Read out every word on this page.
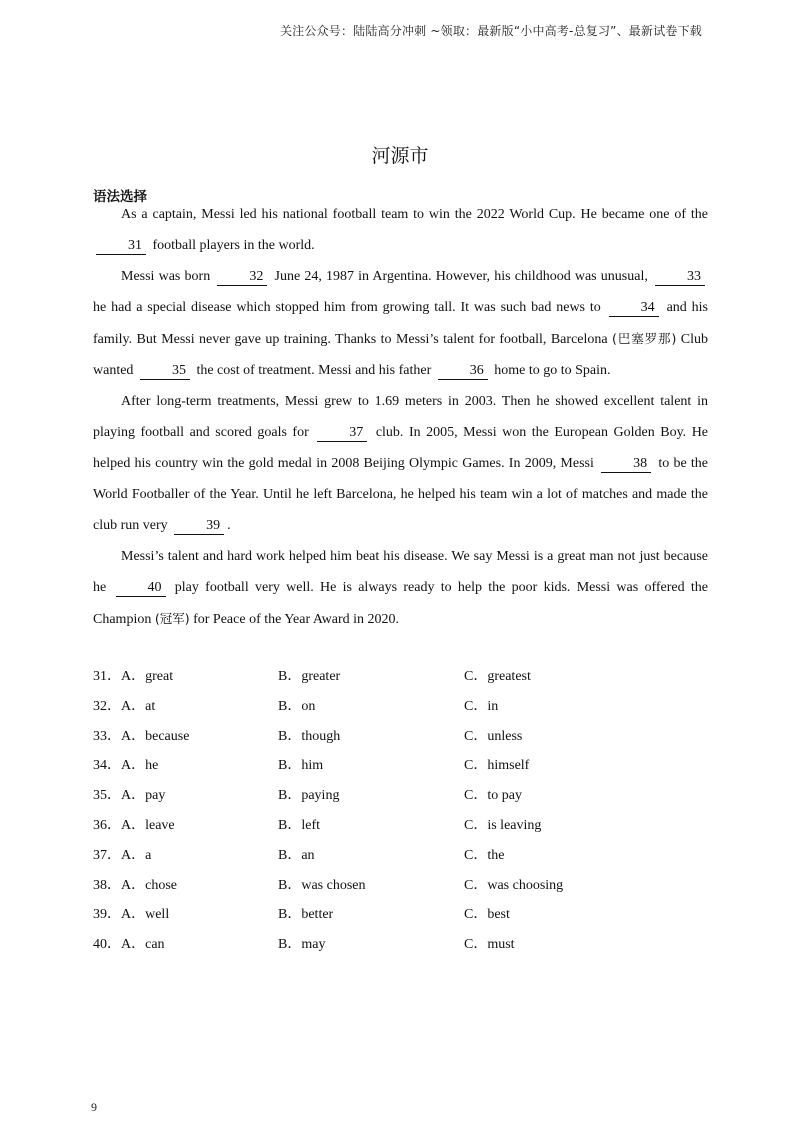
关注公众号：陆陆高分冲刺 ~领取：最新版“小中高考-总复习”、最新试卷下载
河源市
语法选择

As a captain, Messi led his national football team to win the 2022 World Cup. He became one of the 31 football players in the world.

Messi was born	32 June 24, 1987 in Argentina. However, his childhood was unusual,	33 he had a special disease which stopped him from growing tall. It was such bad news to	34 and his family. But Messi never gave up training. Thanks to Messi’s talent for football, Barcelona (巴塞罗那) Club wanted	35 the cost of treatment. Messi and his father	36 home to go to Spain.

After long-term treatments, Messi grew to 1.69 meters in 2003. Then he showed excellent talent in playing football and scored goals for	37 club. In 2005, Messi won the European Golden Boy. He helped his country win the gold medal in 2008 Beijing Olympic Games. In 2009, Messi	38 to be the World Footballer of the Year. Until he left Barcelona, he helped his team win a lot of matches and made the club run very	39 .

Messi’s talent and hard work helped him beat his disease. We say Messi is a great man not just because he	40 play football very well. He is always ready to help the poor kids. Messi was offered the Champion (冠军) for Peace of the Year Award in 2020.

31．A．great	B．greater	C．greatest
32．A．at	B．on	C．in
33．A．because	B．though	C．unless
34．A．he	B．him	C．himself
35．A．pay	B．paying	C．to pay
36．A．leave	B．left	C．is leaving
37．A．a	B．an	C．the
38．A．chose	B．was chosen	C．was choosing
39．A．well	B．better	C．best
40．A．can	B．may	C．must
9
